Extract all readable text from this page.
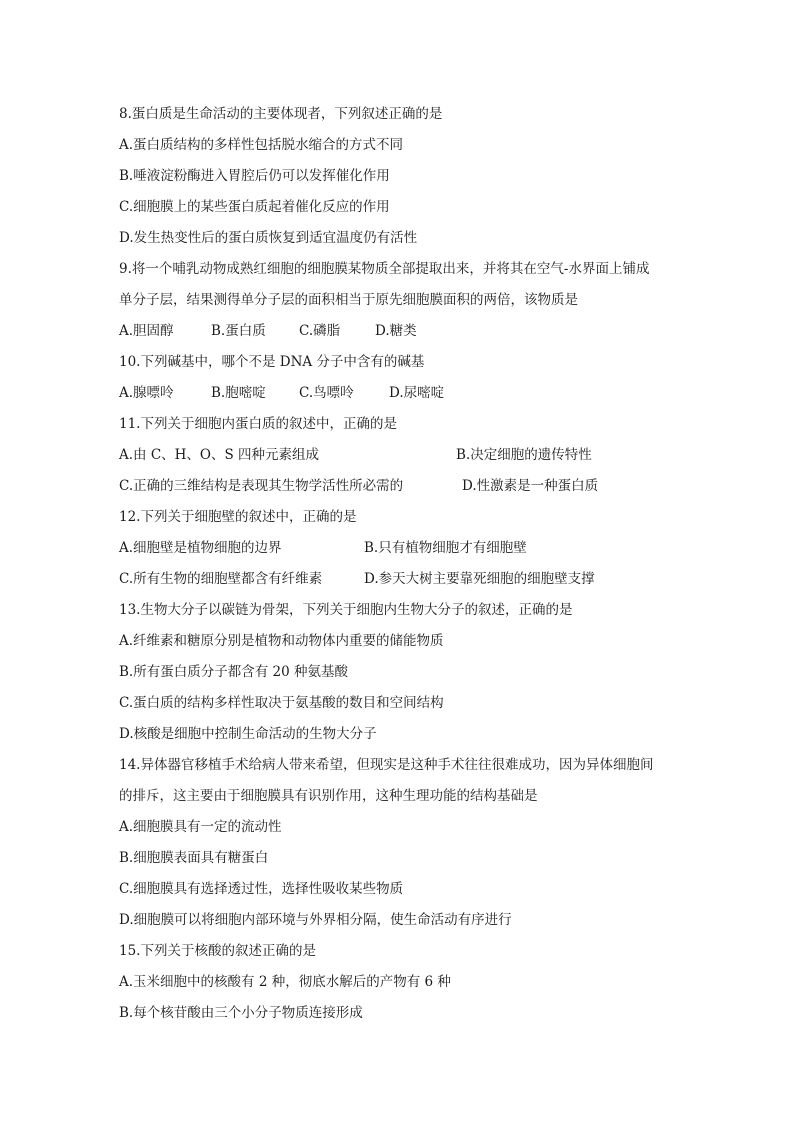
8.蛋白质是生命活动的主要体现者，下列叙述正确的是
A.蛋白质结构的多样性包括脱水缩合的方式不同
B.唾液淀粉酶进入胃腔后仍可以发挥催化作用
C.细胞膜上的某些蛋白质起着催化反应的作用
D.发生热变性后的蛋白质恢复到适宜温度仍有活性
9.将一个哺乳动物成熟红细胞的细胞膜某物质全部提取出来，并将其在空气-水界面上铺成
单分子层，结果测得单分子层的面积相当于原先细胞膜面积的两倍，该物质是
A.胆固醇	B.蛋白质 C.磷脂	D.糖类
10.下列碱基中，哪个不是 DNA 分子中含有的碱基
A.腺嘌呤	B.胞嘧啶 C.鸟嘌呤	D.尿嘧啶
11.下列关于细胞内蛋白质的叙述中，正确的是
A.由 C、H、O、S 四种元素组成	B.决定细胞的遗传特性
C.正确的三维结构是表现其生物学活性所必需的	D.性激素是一种蛋白质
12.下列关于细胞壁的叙述中，正确的是
A.细胞壁是植物细胞的边界	B.只有植物细胞才有细胞壁
C.所有生物的细胞壁都含有纤维素	D.参天大树主要靠死细胞的细胞壁支撑
13.生物大分子以碳链为骨架，下列关于细胞内生物大分子的叙述，正确的是
A.纤维素和糖原分别是植物和动物体内重要的储能物质
B.所有蛋白质分子都含有 20 种氨基酸
C.蛋白质的结构多样性取决于氨基酸的数目和空间结构
D.核酸是细胞中控制生命活动的生物大分子
14.异体器官移植手术给病人带来希望，但现实是这种手术往往很难成功，因为异体细胞间
的排斥，这主要由于细胞膜具有识别作用，这种生理功能的结构基础是
A.细胞膜具有一定的流动性
B.细胞膜表面具有糖蛋白
C.细胞膜具有选择透过性，选择性吸收某些物质
D.细胞膜可以将细胞内部环境与外界相分隔，使生命活动有序进行
15.下列关于核酸的叙述正确的是
A.玉米细胞中的核酸有 2 种，彻底水解后的产物有 6 种
B.每个核苷酸由三个小分子物质连接形成
